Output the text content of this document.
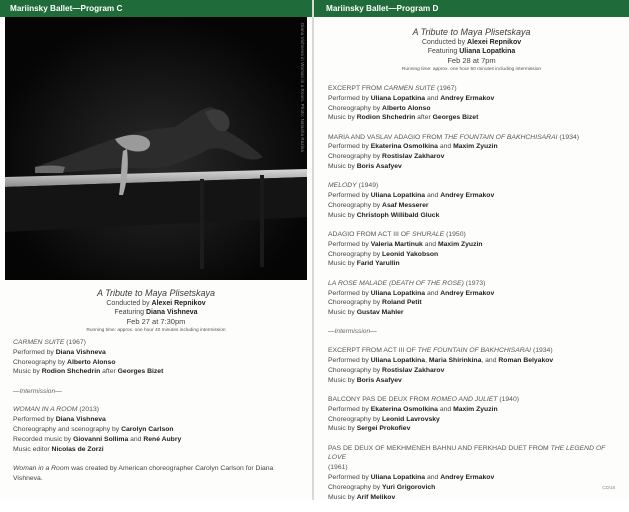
Mariinsky Ballet—Program C
Diana Vishneva in Woman in a Room. Photo: Natasha Razina
A Tribute to Maya Plisetskaya
Conducted by Alexei Repnikov
Featuring Diana Vishneva
Feb 27 at 7:30pm
Running time: approx. one hour 40 minutes including intermission
CARMEN SUITE (1967)
Performed by Diana Vishneva
Choreography by Alberto Alonso
Music by Rodion Shchedrin after Georges Bizet
—Intermission—
WOMAN IN A ROOM (2013)
Performed by Diana Vishneva
Choreography and scenography by Carolyn Carlson
Recorded music by Giovanni Sollima and René Aubry
Music editor Nicolas de Zorzi
Woman in a Room was created by American choreographer Carolyn Carlson for Diana Vishneva.
Mariinsky Ballet—Program D
A Tribute to Maya Plisetskaya
Conducted by Alexei Repnikov
Featuring Uliana Lopatkina
Feb 28 at 7pm
Running time: approx. one hour 50 minutes including intermission
EXCERPT FROM CARMEN SUITE (1967)
Performed by Uliana Lopatkina and Andrey Ermakov
Choreography by Alberto Alonso
Music by Rodion Shchedrin after Georges Bizet
MARIA AND VASLAV ADAGIO FROM THE FOUNTAIN OF BAKHCHISARAI (1934)
Performed by Ekaterina Osmolkina and Maxim Zyuzin
Choreography by Rostislav Zakharov
Music by Boris Asafyev
MELODY (1949)
Performed by Uliana Lopatkina and Andrey Ermakov
Choreography by Asaf Messerer
Music by Christoph Willibald Gluck
ADAGIO FROM ACT III OF SHURALE (1950)
Performed by Valeria Martinuk and Maxim Zyuzin
Choreography by Leonid Yakobson
Music by Farid Yarullin
LA ROSE MALADE (DEATH OF THE ROSE) (1973)
Performed by Uliana Lopatkina and Andrey Ermakov
Choreography by Roland Petit
Music by Gustav Mahler
—Intermission—
EXCERPT FROM ACT III OF THE FOUNTAIN OF BAKHCHISARAI (1934)
Performed by Uliana Lopatkina, Maria Shirinkina, and Roman Belyakov
Choreography by Rostislav Zakharov
Music by Boris Asafyev
BALCONY PAS DE DEUX FROM ROMEO AND JULIET (1940)
Performed by Ekaterina Osmolkina and Maxim Zyuzin
Choreography by Leonid Lavrovsky
Music by Sergei Prokofiev
PAS DE DEUX OF MEKHMENEH BAHNU AND FERKHAD DUET FROM THE LEGEND OF LOVE
(1961)
Performed by Uliana Lopatkina and Andrey Ermakov
Choreography by Yuri Grigorovich
Music by Arif Melikov
CD/18
